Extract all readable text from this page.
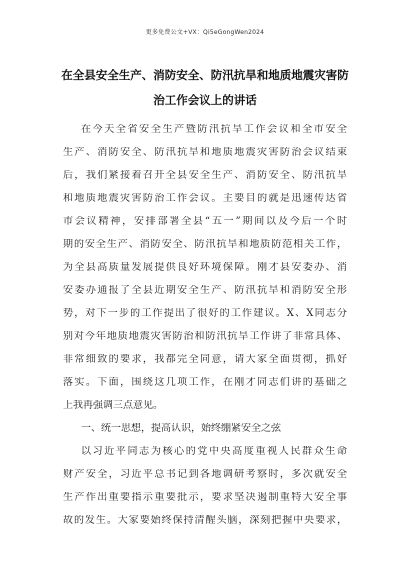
更多免费公文+VX：Qi5eGongWen2024
在全县安全生产、消防安全、防汛抗旱和地质地震灾害防
治工作会议上的讲话
在今天全省安全生产暨防汛抗旱工作会议和全市安全
生产、消防安全、防汛抗旱和地质地震灾害防治会议结束
后，我们紧接着召开全县安全生产、消防安全、防汛抗旱
和地质地震灾害防治工作会议。主要目的就是迅速传达省
市会议精神，安排部署全县“五一”期间以及今后一个时
期的安全生产、消防安全、防汛抗旱和地质防范相关工作，
为全县高质量发展提供良好环境保障。刚才县安委办、消
安委办通报了全县近期安全生产、防汛抗旱和消防安全形
势，对下一步的工作提出了很好的工作建议。X、X同志分
别对今年地质地震灾害防治和防汛抗旱工作讲了非常具体、
非常细致的要求，我都完全同意，请大家全面贯彻，抓好
落实。下面，围绕这几项工作，在刚才同志们讲的基础之
上我再强调三点意见。
一、统一思想，提高认识，始终绷紧安全之弦
以习近平同志为核心的党中央高度重视人民群众生命
财产安全，习近平总书记到各地调研考察时，多次就安全
生产作出重要指示重要批示，要求坚决遏制重特大安全事
故的发生。大家要始终保持清醒头脑，深刻把握中央要求，
